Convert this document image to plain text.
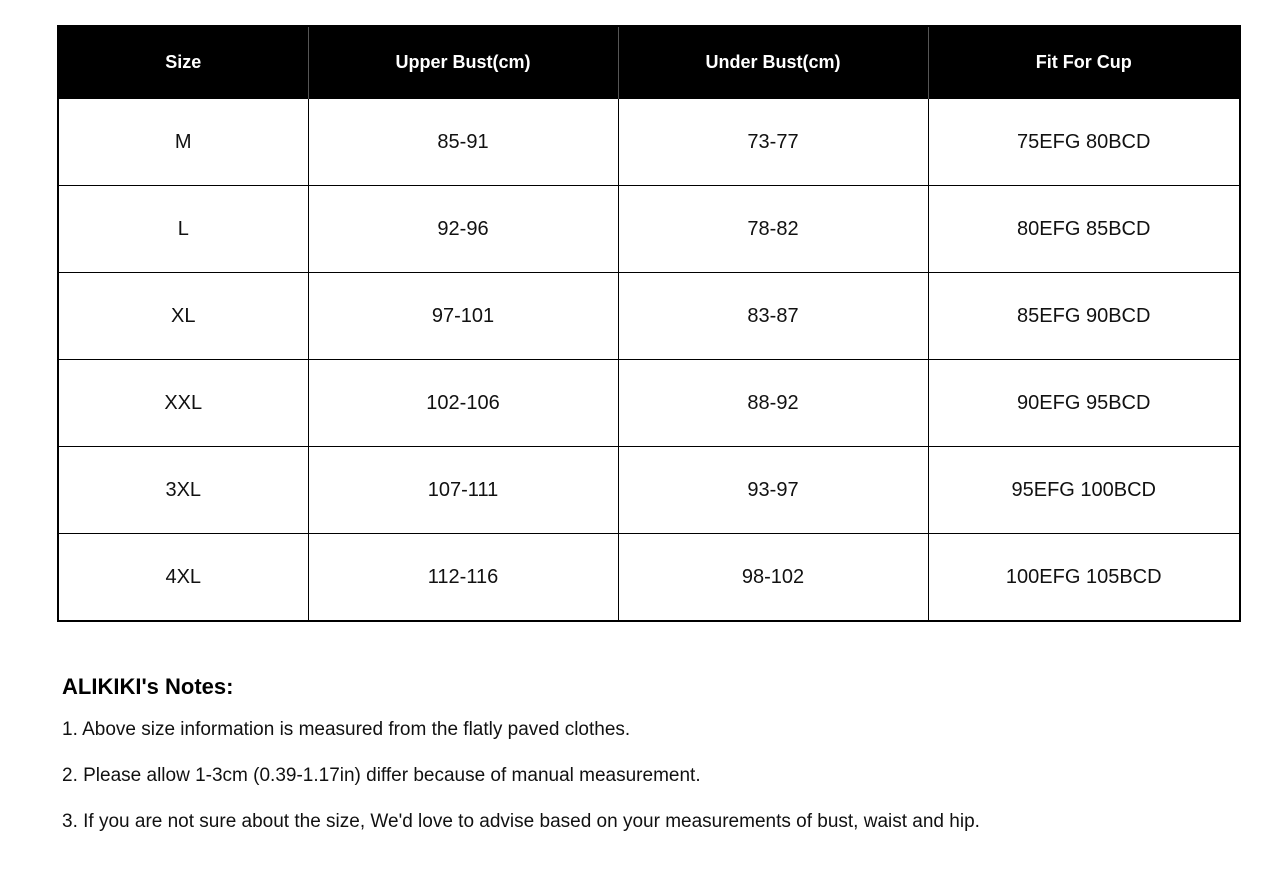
Size	Upper Bust(cm)	Under Bust(cm)	Fit For Cup
M	85-91	73-77	75EFG 80BCD
L	92-96	78-82	80EFG 85BCD
XL	97-101	83-87	85EFG 90BCD
XXL	102-106	88-92	90EFG 95BCD
3XL	107-111	93-97	95EFG 100BCD
4XL	112-116	98-102	100EFG 105BCD
ALIKIKI's Notes:

1. Above size information is measured from the flatly paved clothes.

2. Please allow 1-3cm (0.39-1.17in) differ because of manual measurement.

3. If you are not sure about the size, We'd love to advise based on your measurements of bust, waist and hip.
